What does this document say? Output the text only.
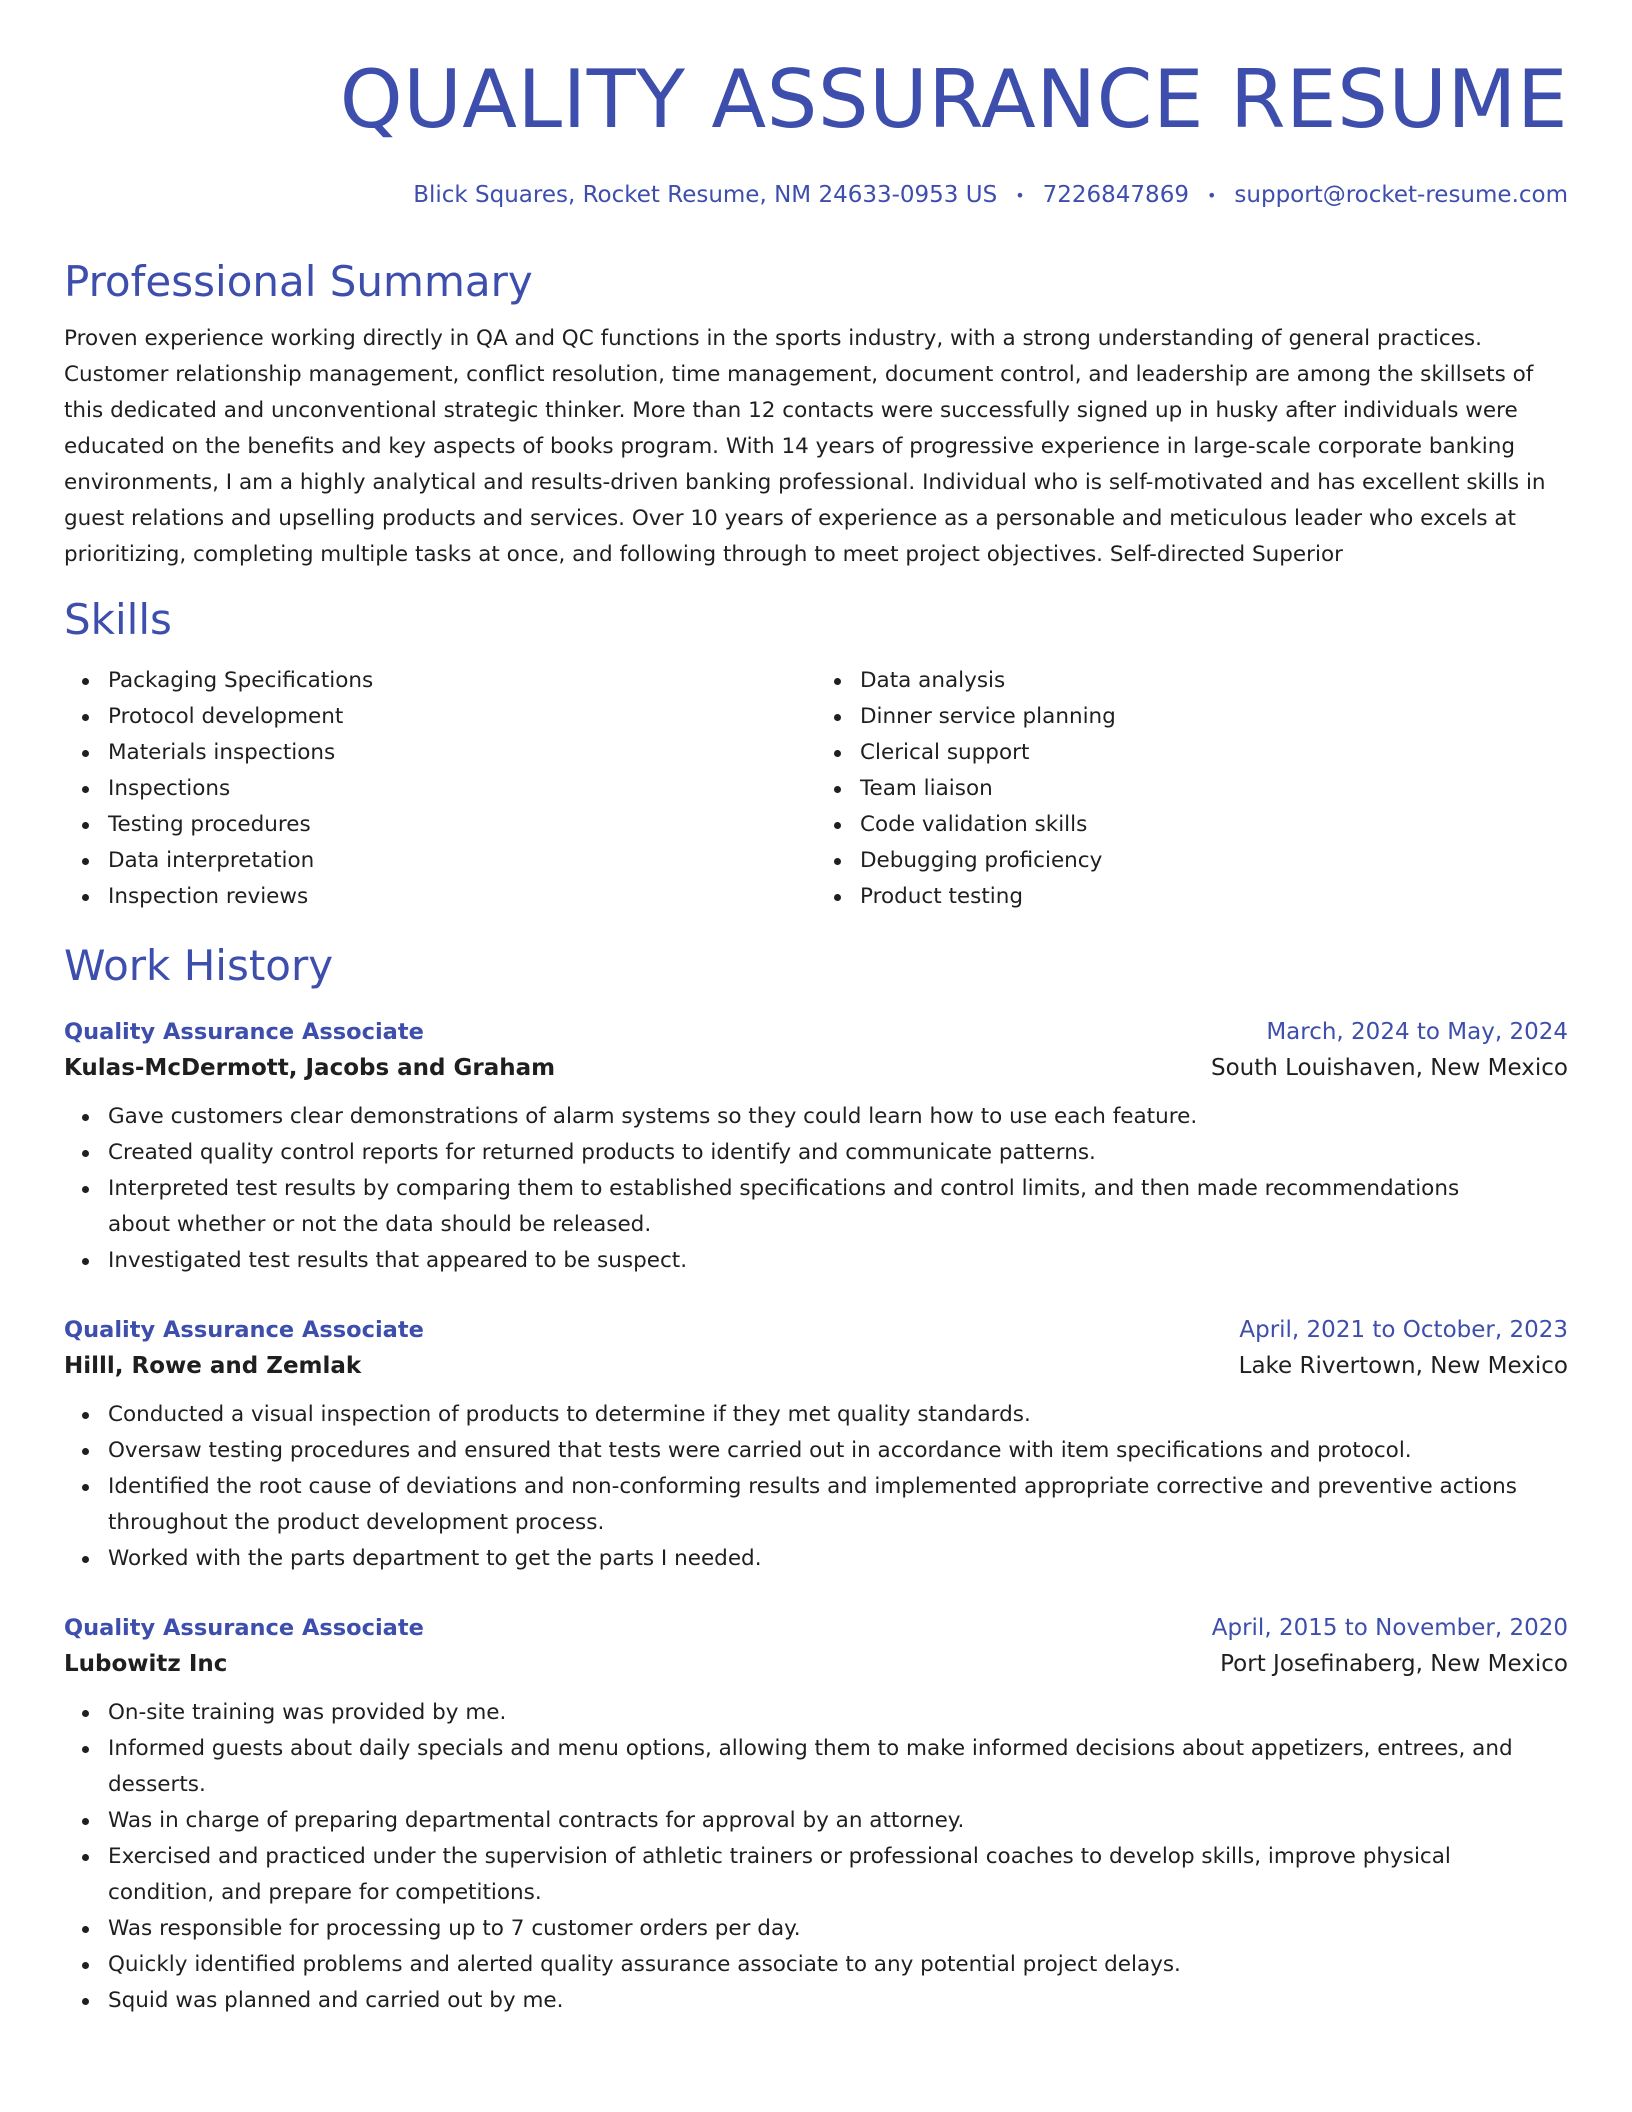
QUALITY ASSURANCE RESUME
Blick Squares, Rocket Resume, NM 24633-0953 US • 7226847869 • support@rocket-resume.com
Professional Summary

Proven experience working directly in QA and QC functions in the sports industry, with a strong understanding of general practices. Customer relationship management, conflict resolution, time management, document control, and leadership are among the skillsets of this dedicated and unconventional strategic thinker. More than 12 contacts were successfully signed up in husky after individuals were educated on the benefits and key aspects of books program. With 14 years of progressive experience in large-scale corporate banking environments, I am a highly analytical and results-driven banking professional. Individual who is self-motivated and has excellent skills in guest relations and upselling products and services. Over 10 years of experience as a personable and meticulous leader who excels at prioritizing, completing multiple tasks at once, and following through to meet project objectives. Self-directed Superior

Skills
Packaging Specifications
Protocol development
Materials inspections
Inspections
Testing procedures
Data interpretation
Inspection reviews
Data analysis
Dinner service planning
Clerical support
Team liaison
Code validation skills
Debugging proficiency
Product testing
Work History
Quality Assurance Associate	March, 2024 to May, 2024
Kulas-McDermott, Jacobs and Graham	South Louishaven, New Mexico
Gave customers clear demonstrations of alarm systems so they could learn how to use each feature.
Created quality control reports for returned products to identify and communicate patterns.
Interpreted test results by comparing them to established specifications and control limits, and then made recommendations about whether or not the data should be released.
Investigated test results that appeared to be suspect.
Quality Assurance Associate	April, 2021 to October, 2023
Hilll, Rowe and Zemlak	Lake Rivertown, New Mexico
Conducted a visual inspection of products to determine if they met quality standards.
Oversaw testing procedures and ensured that tests were carried out in accordance with item specifications and protocol.
Identified the root cause of deviations and non-conforming results and implemented appropriate corrective and preventive actions throughout the product development process.
Worked with the parts department to get the parts I needed.
Quality Assurance Associate	April, 2015 to November, 2020
Lubowitz Inc	Port Josefinaberg, New Mexico
On-site training was provided by me.
Informed guests about daily specials and menu options, allowing them to make informed decisions about appetizers, entrees, and desserts.
Was in charge of preparing departmental contracts for approval by an attorney.
Exercised and practiced under the supervision of athletic trainers or professional coaches to develop skills, improve physical condition, and prepare for competitions.
Was responsible for processing up to 7 customer orders per day.
Quickly identified problems and alerted quality assurance associate to any potential project delays.
Squid was planned and carried out by me.
